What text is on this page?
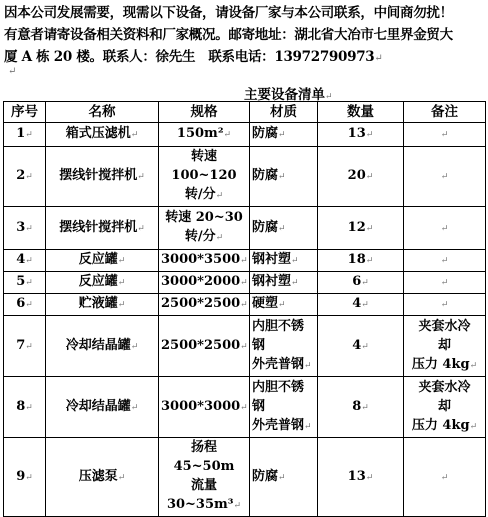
因本公司发展需要，现需以下设备，请设备厂家与本公司联系，中间商勿扰！
有意者请寄设备相关资料和厂家概况。邮寄地址：湖北省大冶市七里界金贸大
厦 A 栋 20 楼。联系人：徐先生　联系电话：13972790973↵
↵
主要设备清单↵
序号	名称	规格	材质	数量	备注

1↵	箱式压滤机↵	150m²↵	防腐↵	13↵	↵

2↵	摆线针搅拌机↵	转速 100~120
转/分↵	防腐↵	20↵	↵

3↵	摆线针搅拌机↵	转速 20~30
转/分↵	防腐↵	12↵	↵

4↵	反应罐↵	3000*3500↵	钢衬塑↵	18↵	↵

5↵	反应罐↵	3000*2000↵	钢衬塑↵	6↵	↵

6↵	贮液罐↵	2500*2500↵	硬塑↵	4↵	↵

7↵	冷却结晶罐↵	2500*2500↵	内胆不锈
钢
外壳普钢↵	4↵	夹套水冷
却
压力 4kg↵

8↵	冷却结晶罐↵	3000*3000↵	内胆不锈
钢
外壳普钢↵	8↵	夹套水冷
却
压力 4kg↵

9↵	压滤泵↵	扬程 45~50m
流量
30~35m³↵	防腐↵	13↵	↵
